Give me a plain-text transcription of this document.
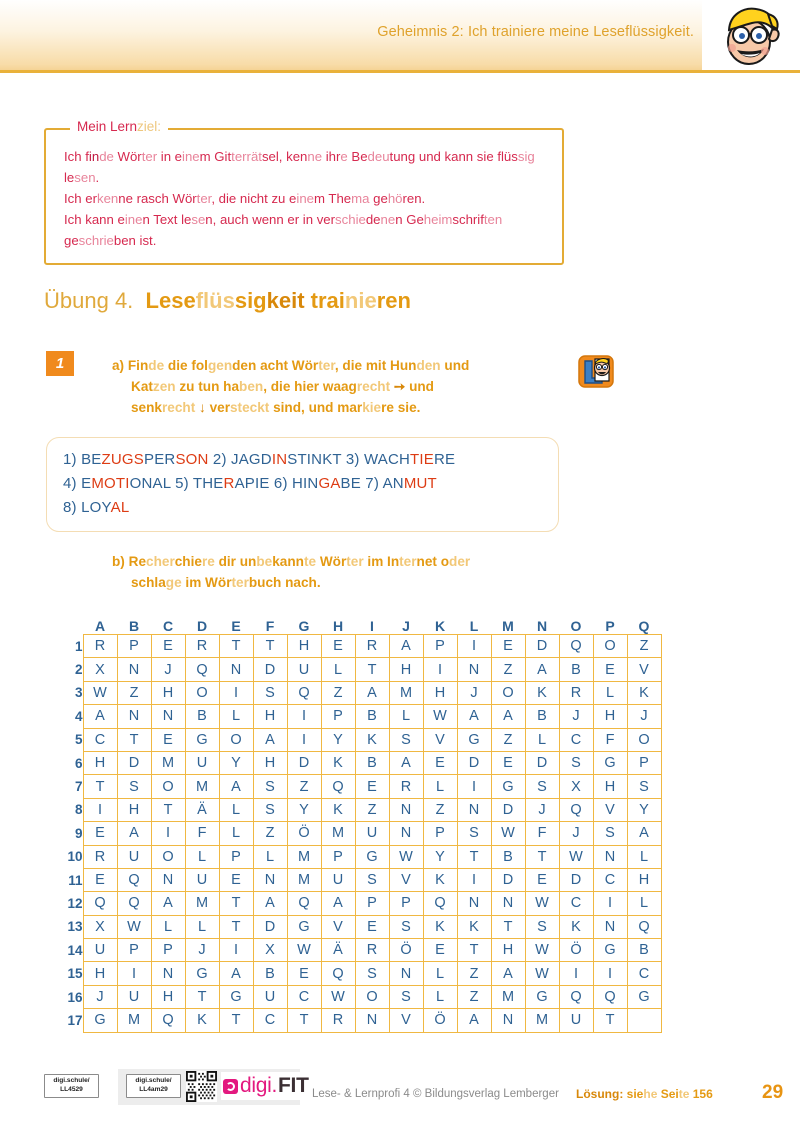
Geheimnis 2: Ich trainiere meine Leseflüssigkeit.
Mein Lernziel:

Ich finde Wörter in einem Gitterrätsel, kenne ihre Bedeutung und kann sie flüssig lesen.

Ich erkenne rasch Wörter, die nicht zu einem Thema gehören.

Ich kann einen Text lesen, auch wenn er in verschiedenen Geheimschriften geschrieben ist.

Übung 4. Leseflüssigkeit trainieren
1	a) Finde die folgenden acht Wörter, die mit Hunden und
Katzen zu tun haben, die hier waagrecht ➙ und
senkrecht ↓ versteckt sind, und markiere sie.
1) BEZUGSPERSON 2) JAGDINSTINKT 3) WACHTIERE
4) EMOTIONAL 5) THERAPIE 6) HINGABE 7) ANMUT
8) LOYAL
b) Recherchiere dir unbekannte Wörter im Internet oder
schlage im Wörterbuch nach.
	A	B	C	D	E	F	G	H	I	J	K	L	M	N	O	P	Q
1	R	P	E	R	T	T	H	E	R	A	P	I	E	D	Q	O	Z
2	X	N	J	Q	N	D	U	L	T	H	I	N	Z	A	B	E	V
3	W	Z	H	O	I	S	Q	Z	A	M	H	J	O	K	R	L	K
4	A	N	N	B	L	H	I	P	B	L	W	A	A	B	J	H	J
5	C	T	E	G	O	A	I	Y	K	S	V	G	Z	L	C	F	O
6	H	D	M	U	Y	H	D	K	B	A	E	D	E	D	S	G	P
7	T	S	O	M	A	S	Z	Q	E	R	L	I	G	S	X	H	S
8	I	H	T	Ä	L	S	Y	K	Z	N	Z	N	D	J	Q	V	Y
9	E	A	I	F	L	Z	Ö	M	U	N	P	S	W	F	J	S	A
10	R	U	O	L	P	L	M	P	G	W	Y	T	B	T	W	N	L
11	E	Q	N	U	E	N	M	U	S	V	K	I	D	E	D	C	H
12	Q	Q	A	M	T	A	Q	A	P	P	Q	N	N	W	C	I	L
13	X	W	L	L	T	D	G	V	E	S	K	K	T	S	K	N	Q
14	U	P	P	J	I	X	W	Ä	R	Ö	E	T	H	W	Ö	G	B
15	H	I	N	G	A	B	E	Q	S	N	L	Z	A	W	I	I	C
16	J	U	H	T	G	U	C	W	O	S	L	Z	M	G	Q	Q	G
17	G	M	Q	K	T	C	T	R	N	V	Ö	A	N	M	U	T	
digi.schule/
LL4529
digi.schule/
LL4am29	digi. FIT Lese- & Lernprofi 4 © Bildungsverlag Lemberger Lösung: siehe Seite 156	29
